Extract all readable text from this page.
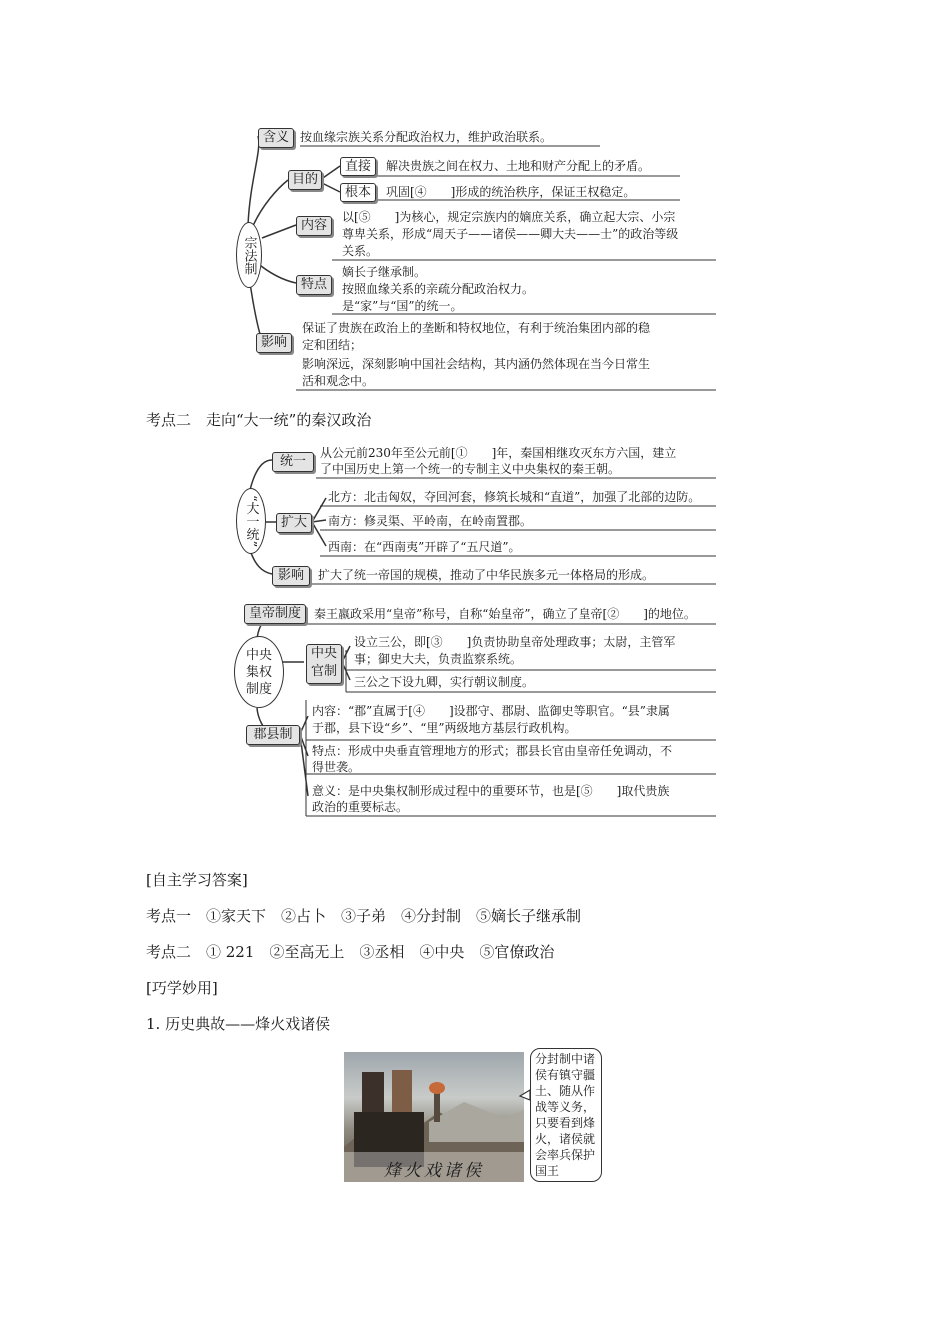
宗法制
含义 按血缘宗族关系分配政治权力，维护政治联系。
目的
直接	解决贵族之间在权力、土地和财产分配上的矛盾。
根本	巩固[④　　]形成的统治秩序，保证王权稳定。
内容
以[⑤　　]为核心，规定宗族内的嫡庶关系，确立起大宗、小宗
尊卑关系，形成“周天子——诸侯——卿大夫——士”的政治等级
关系。
特点
嫡长子继承制。
按照血缘关系的亲疏分配政治权力。
是“家”与“国”的统一。
影响
保证了贵族在政治上的垄断和特权地位，有利于统治集团内部的稳
定和团结；
影响深远，深刻影响中国社会结构，其内涵仍然体现在当今日常生
活和观念中。
考点二　走向“大一统”的秦汉政治
“大一统”
统一
从公元前230年至公元前[①　　]年，秦国相继攻灭东方六国，建立
了中国历史上第一个统一的专制主义中央集权的秦王朝。
扩大
北方：北击匈奴，夺回河套，修筑长城和“直道”，加强了北部的边防。
南方：修灵渠、平岭南，在岭南置郡。
西南：在“西南夷”开辟了“五尺道”。
影响	扩大了统一帝国的规模，推动了中华民族多元一体格局的形成。
中央集权制度
皇帝制度	秦王嬴政采用“皇帝”称号，自称“始皇帝”，确立了皇帝[②　　]的地位。
中央官制
设立三公，即[③　　]负责协助皇帝处理政事；太尉，主管军
事；御史大夫，负责监察系统。
三公之下设九卿，实行朝议制度。
郡县制
内容：“郡”直属于[④　　]设郡守、郡尉、监御史等职官。“县”隶属
于郡，县下设“乡”、“里”两级地方基层行政机构。
特点：形成中央垂直管理地方的形式；郡县长官由皇帝任免调动，不
得世袭。
意义：是中央集权制形成过程中的重要环节，也是[⑤　　]取代贵族
政治的重要标志。
[自主学习答案]
考点一　①家天下　②占卜　③子弟　④分封制　⑤嫡长子继承制
考点二　① 221　②至高无上　③丞相　④中央　⑤官僚政治
[巧学妙用]
1. 历史典故——烽火戏诸侯
烽火戏诸侯
分封制中诸侯有镇守疆土、随从作战等义务，只要看到烽火，诸侯就会率兵保护国王
